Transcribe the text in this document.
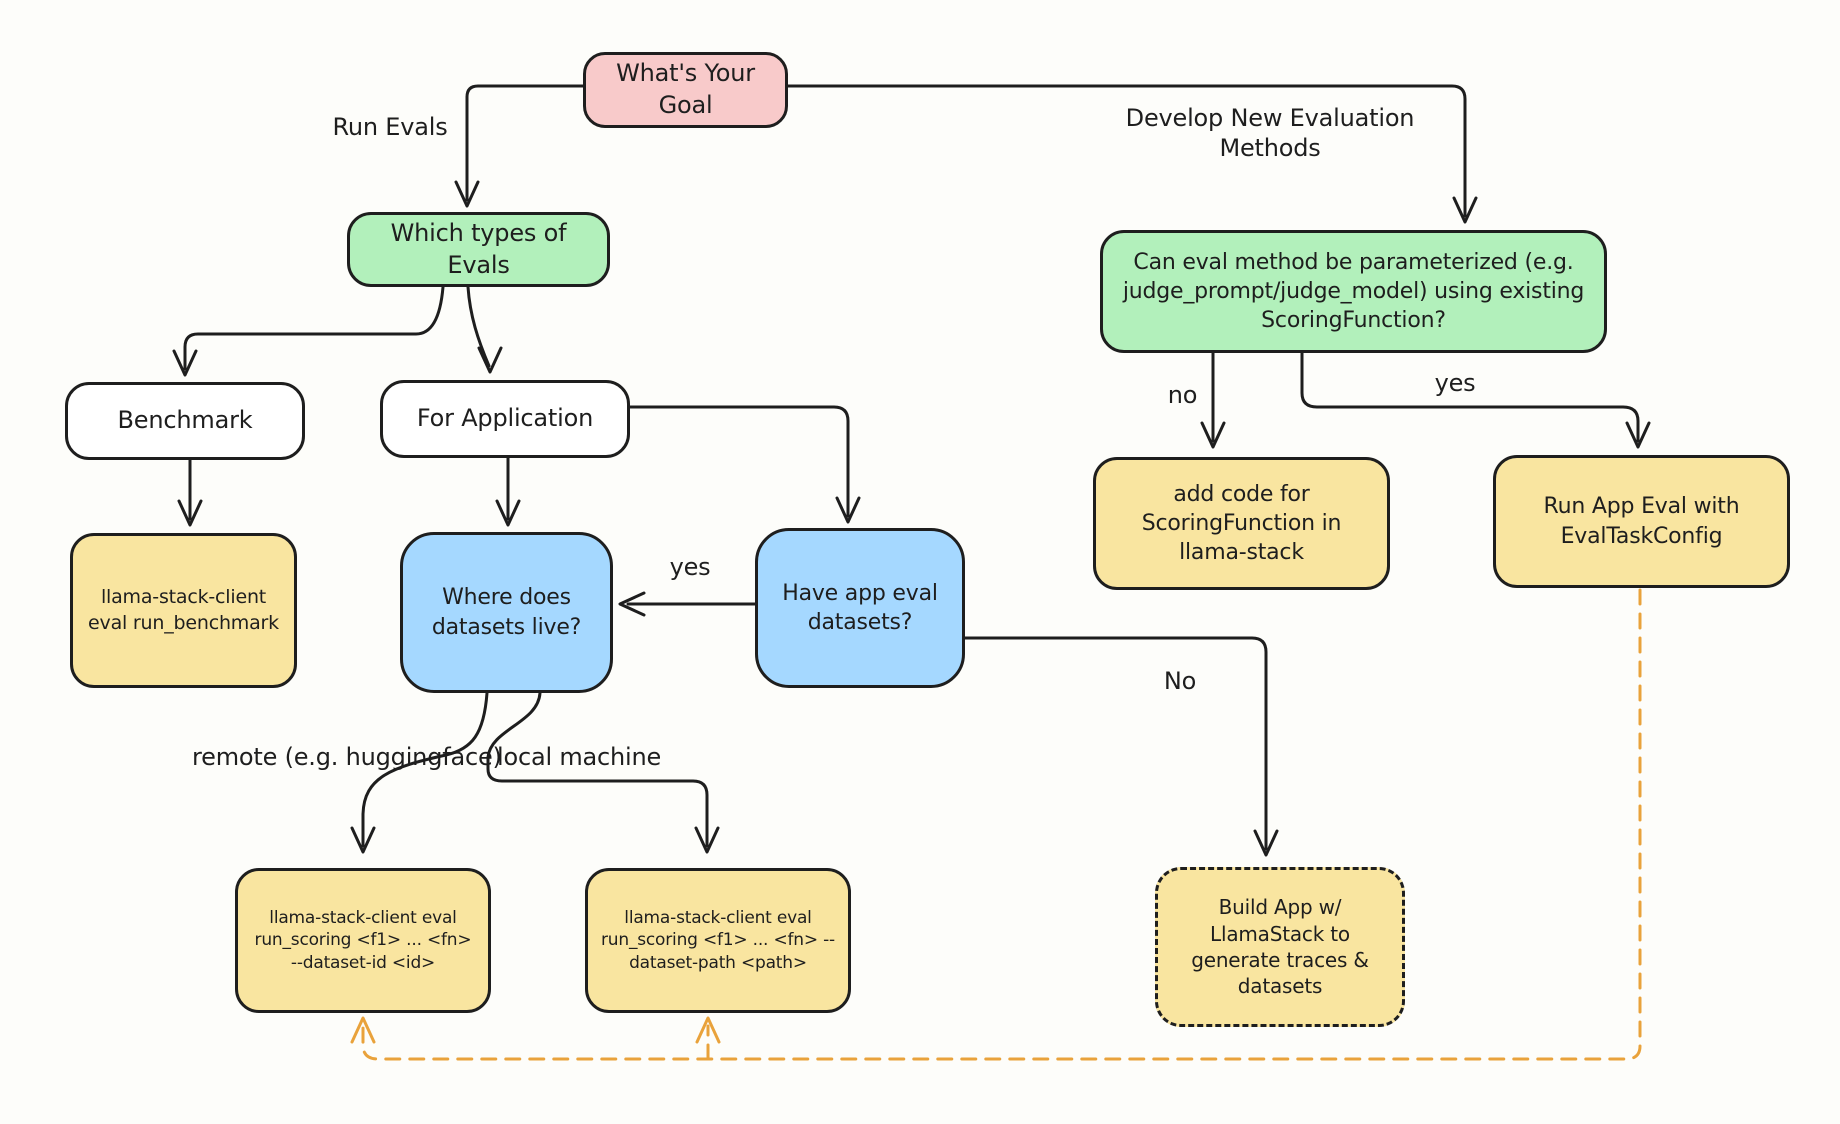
What's Your Goal
Which types of Evals	Can eval method be parameterized (e.g. judge_prompt/judge_model) using existing ScoringFunction?
Benchmark	For Application
llama-stack-client eval run_benchmark
Where does datasets live?
Have app eval datasets?
add code for ScoringFunction in llama-stack
Run App Eval with EvalTaskConfig
llama-stack-client eval run_scoring <f1> ... <fn> --dataset-id <id>
llama-stack-client eval run_scoring <f1> ... <fn> --dataset-path <path>
Build App w/ LlamaStack to generate traces & datasets
Run Evals	Develop New Evaluation Methods
no	yes
yes
No
remote (e.g. huggingface)
local machine
